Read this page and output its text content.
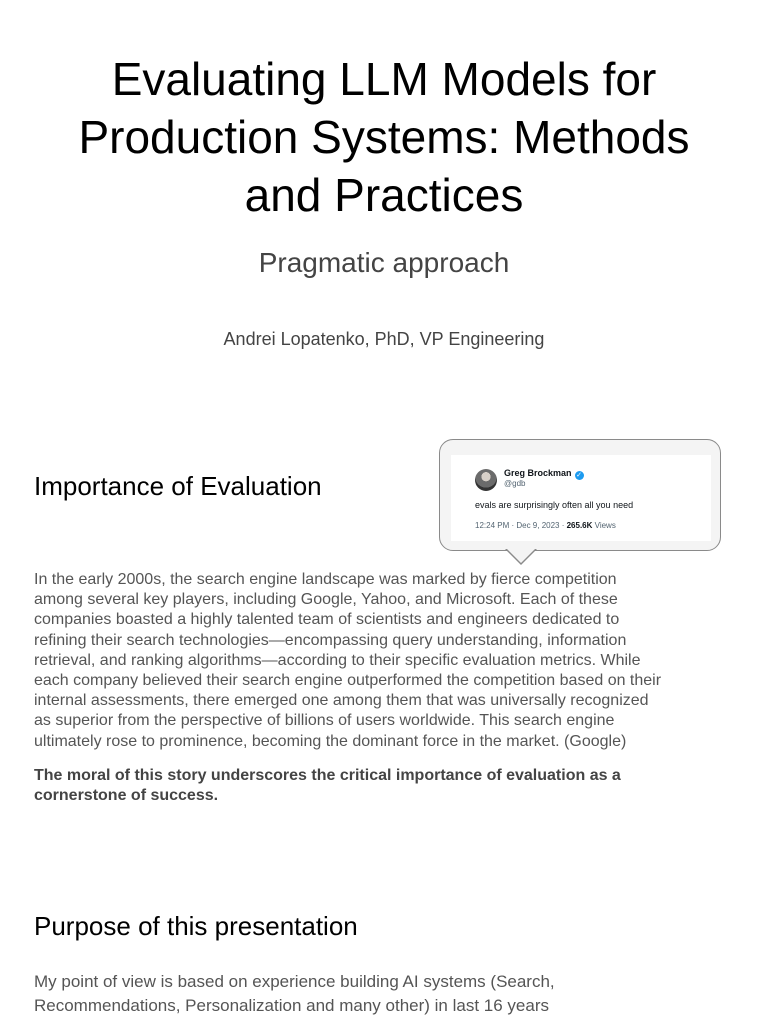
Evaluating LLM Models for
Production Systems: Methods
and Practices

Pragmatic approach

Andrei Lopatenko, PhD, VP Engineering

Importance of Evaluation	Greg Brockman ✓
@gdb
evals are surprisingly often all you need
12:24 PM · Dec 9, 2023 · 265.6K Views

In the early 2000s, the search engine landscape was marked by fierce competition
among several key players, including Google, Yahoo, and Microsoft. Each of these
companies boasted a highly talented team of scientists and engineers dedicated to
refining their search technologies—encompassing query understanding, information
retrieval, and ranking algorithms—according to their specific evaluation metrics. While
each company believed their search engine outperformed the competition based on their
internal assessments, there emerged one among them that was universally recognized
as superior from the perspective of billions of users worldwide. This search engine
ultimately rose to prominence, becoming the dominant force in the market. (Google)

The moral of this story underscores the critical importance of evaluation as a
cornerstone of success.

Purpose of this presentation

My point of view is based on experience building AI systems (Search,
Recommendations, Personalization and many other) in last 16 years
